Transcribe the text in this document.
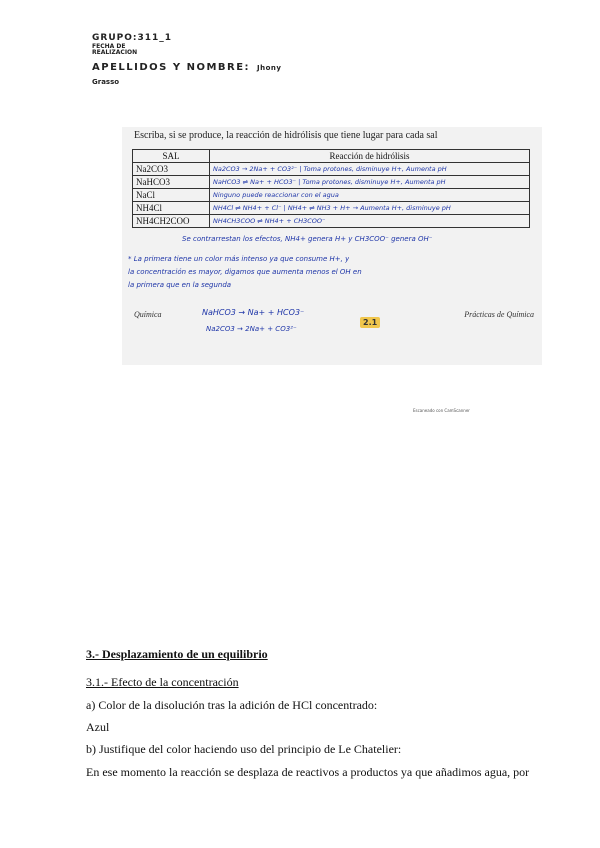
GRUPO:311_1
FECHA DE REALIZACION
APELLIDOS Y NOMBRE: Jhony
Grasso
Escriba, si se produce, la reacción de hidrólisis que tiene lugar para cada sal
SAL	Reacción de hidrólisis
Na2CO3	Na2CO3 → 2Na+ + CO3²⁻ | Toma protones, disminuye H+, Aumenta pH
NaHCO3	NaHCO3 ⇌ Na+ + HCO3⁻ | Toma protones, disminuye H+, Aumenta pH
NaCl	Ninguno puede reaccionar con el agua
NH4Cl	NH4Cl ⇌ NH4+ + Cl⁻ | NH4+ ⇌ NH3 + H+ → Aumenta H+, disminuye pH
NH4CH2COO	NH4CH3COO ⇌ NH4+ + CH3COO⁻
Se contrarrestan los efectos, NH4+ genera H+ y CH3COO⁻ genera OH⁻
* La primera tiene un color más intenso ya que consume H+, y
la concentración es mayor, digamos que aumenta menos el OH en
la primera que en la segunda
Química	NaHCO3 → Na+ + HCO3⁻
Na2CO3 → 2Na+ + CO3²⁻
2.1
Prácticas de Química
Escaneado con CamScanner
3.- Desplazamiento de un equilibrio
3.1.- Efecto de la concentración
a) Color de la disolución tras la adición de HCl concentrado:
Azul
b) Justifique del color haciendo uso del principio de Le Chatelier:
En ese momento la reacción se desplaza de reactivos a productos ya que añadimos agua, por
